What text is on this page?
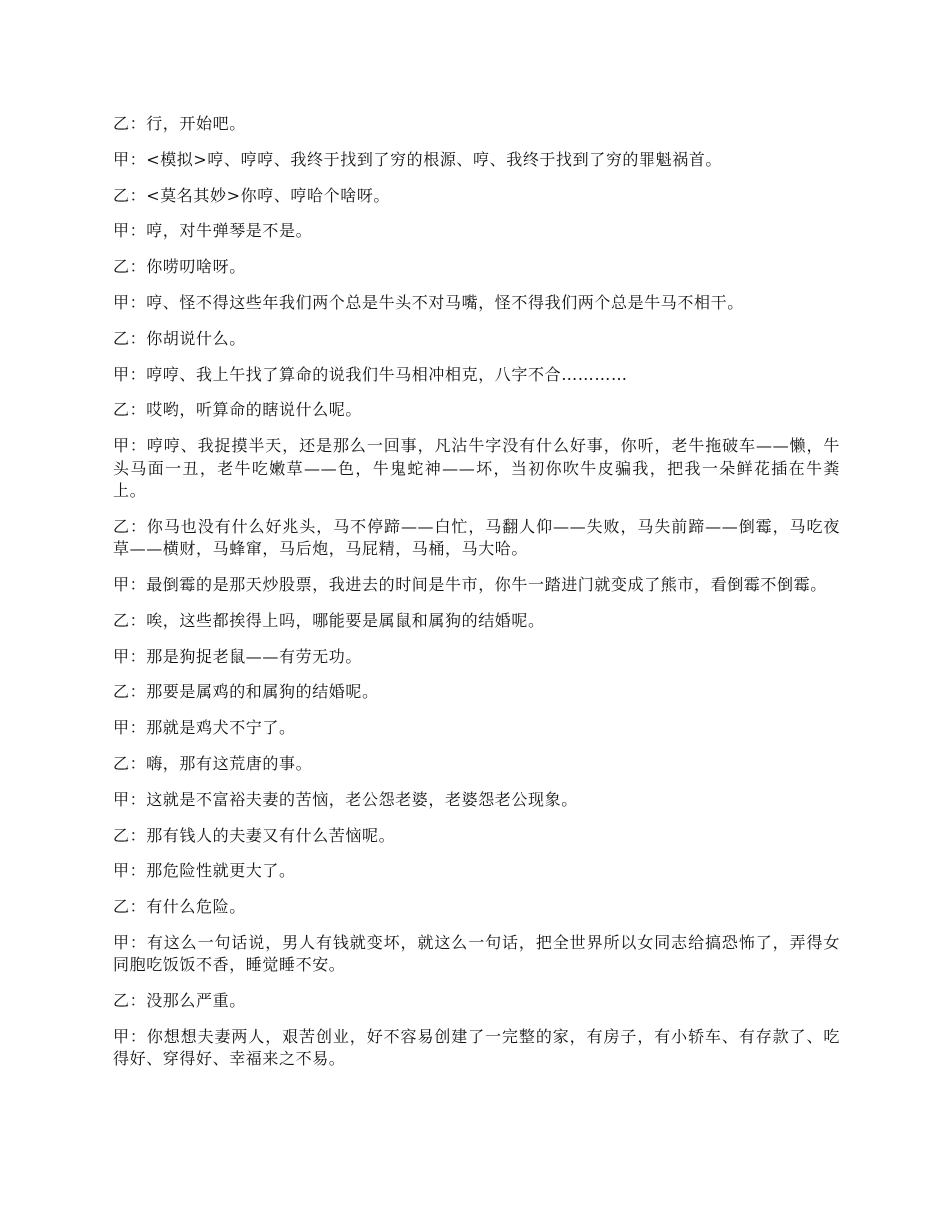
乙：行，开始吧。

甲：<模拟>哼、哼哼、我终于找到了穷的根源、哼、我终于找到了穷的罪魁祸首。

乙：<莫名其妙>你哼、哼哈个啥呀。

甲：哼，对牛弹琴是不是。

乙：你唠叨啥呀。

甲：哼、怪不得这些年我们两个总是牛头不对马嘴，怪不得我们两个总是牛马不相干。

乙：你胡说什么。

甲：哼哼、我上午找了算命的说我们牛马相冲相克，八字不合…………

乙：哎哟，听算命的瞎说什么呢。

甲：哼哼、我捉摸半天，还是那么一回事，凡沾牛字没有什么好事，你听，老牛拖破车——懒，牛头马面一丑，老牛吃嫩草——色，牛鬼蛇神——坏，当初你吹牛皮骗我，把我一朵鲜花插在牛粪上。

乙：你马也没有什么好兆头，马不停蹄——白忙，马翻人仰——失败，马失前蹄——倒霉，马吃夜草——横财，马蜂窜，马后炮，马屁精，马桶，马大哈。

甲：最倒霉的是那天炒股票，我进去的时间是牛市，你牛一踏进门就变成了熊市，看倒霉不倒霉。

乙：唉，这些都挨得上吗，哪能要是属鼠和属狗的结婚呢。

甲：那是狗捉老鼠——有劳无功。

乙：那要是属鸡的和属狗的结婚呢。

甲：那就是鸡犬不宁了。

乙：嗨，那有这荒唐的事。

甲：这就是不富裕夫妻的苦恼，老公怨老婆，老婆怨老公现象。

乙：那有钱人的夫妻又有什么苦恼呢。

甲：那危险性就更大了。

乙：有什么危险。

甲：有这么一句话说，男人有钱就变坏，就这么一句话，把全世界所以女同志给搞恐怖了，弄得女同胞吃饭饭不香，睡觉睡不安。

乙：没那么严重。

甲：你想想夫妻两人，艰苦创业，好不容易创建了一完整的家，有房子，有小轿车、有存款了、吃得好、穿得好、幸福来之不易。
